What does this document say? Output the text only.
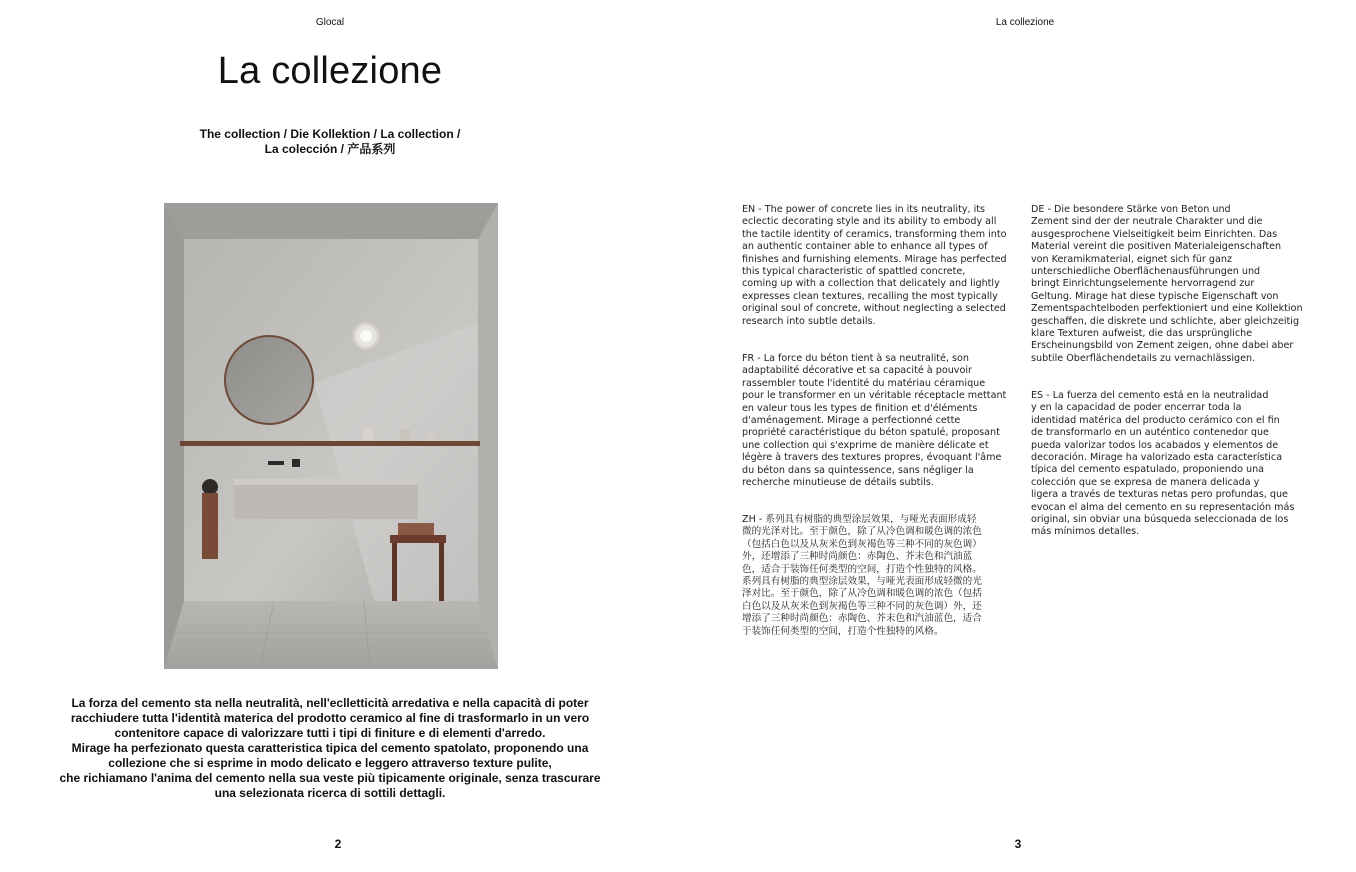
Glocal	La collezione
La collezione
The collection / Die Kollektion / La collection /
La colección / 产品系列
La forza del cemento sta nella neutralità, nell'eclletticità arredativa e nella capacità di poter
racchiudere tutta l'identità materica del prodotto ceramico al fine di trasformarlo in un vero
contenitore capace di valorizzare tutti i tipi di finiture e di elementi d'arredo.
Mirage ha perfezionato questa caratteristica tipica del cemento spatolato, proponendo una
collezione che si esprime in modo delicato e leggero attraverso texture pulite,
che richiamano l'anima del cemento nella sua veste più tipicamente originale, senza trascurare
una selezionata ricerca di sottili dettagli.
2	3
EN - The power of concrete lies in its neutrality, its
eclectic decorating style and its ability to embody all
the tactile identity of ceramics, transforming them into
an authentic container able to enhance all types of
finishes and furnishing elements. Mirage has perfected
this typical characteristic of spattled concrete,
coming up with a collection that delicately and lightly
expresses clean textures, recalling the most typically
original soul of concrete, without neglecting a selected
research into subtle details.
FR - La force du béton tient à sa neutralité, son
adaptabilité décorative et sa capacité à pouvoir
rassembler toute l'identité du matériau céramique
pour le transformer en un véritable réceptacle mettant
en valeur tous les types de finition et d'éléments
d'aménagement. Mirage a perfectionné cette
propriété caractéristique du béton spatulé, proposant
une collection qui s'exprime de manière délicate et
légère à travers des textures propres, évoquant l'âme
du béton dans sa quintessence, sans négliger la
recherche minutieuse de détails subtils.
ZH - 系列具有树脂的典型涂层效果，与哑光表面形成轻
微的光泽对比。至于颜色，除了从冷色调和暖色调的浓色
（包括白色以及从灰米色到灰褐色等三种不同的灰色调）
外，还增添了三种时尚颜色：赤陶色、芥末色和汽油蓝
色，适合于装饰任何类型的空间，打造个性独特的风格。
系列具有树脂的典型涂层效果，与哑光表面形成轻微的光
泽对比。至于颜色，除了从冷色调和暖色调的浓色（包括
白色以及从灰米色到灰褐色等三种不同的灰色调）外，还
增添了三种时尚颜色：赤陶色、芥末色和汽油蓝色，适合
于装饰任何类型的空间，打造个性独特的风格。
DE - Die besondere Stärke von Beton und
Zement sind der der neutrale Charakter und die
ausgesprochene Vielseitigkeit beim Einrichten. Das
Material vereint die positiven Materialeigenschaften
von Keramikmaterial, eignet sich für ganz
unterschiedliche Oberflächenausführungen und
bringt Einrichtungselemente hervorragend zur
Geltung. Mirage hat diese typische Eigenschaft von
Zementspachtelboden perfektioniert und eine Kollektion
geschaffen, die diskrete und schlichte, aber gleichzeitig
klare Texturen aufweist, die das ursprüngliche
Erscheinungsbild von Zement zeigen, ohne dabei aber
subtile Oberflächendetails zu vernachlässigen.
ES - La fuerza del cemento está en la neutralidad
y en la capacidad de poder encerrar toda la
identidad matérica del producto cerámico con el fin
de transformarlo en un auténtico contenedor que
pueda valorizar todos los acabados y elementos de
decoración. Mirage ha valorizado esta característica
típica del cemento espatulado, proponiendo una
colección que se expresa de manera delicada y
ligera a través de texturas netas pero profundas, que
evocan el alma del cemento en su representación más
original, sin obviar una búsqueda seleccionada de los
más mínimos detalles.
